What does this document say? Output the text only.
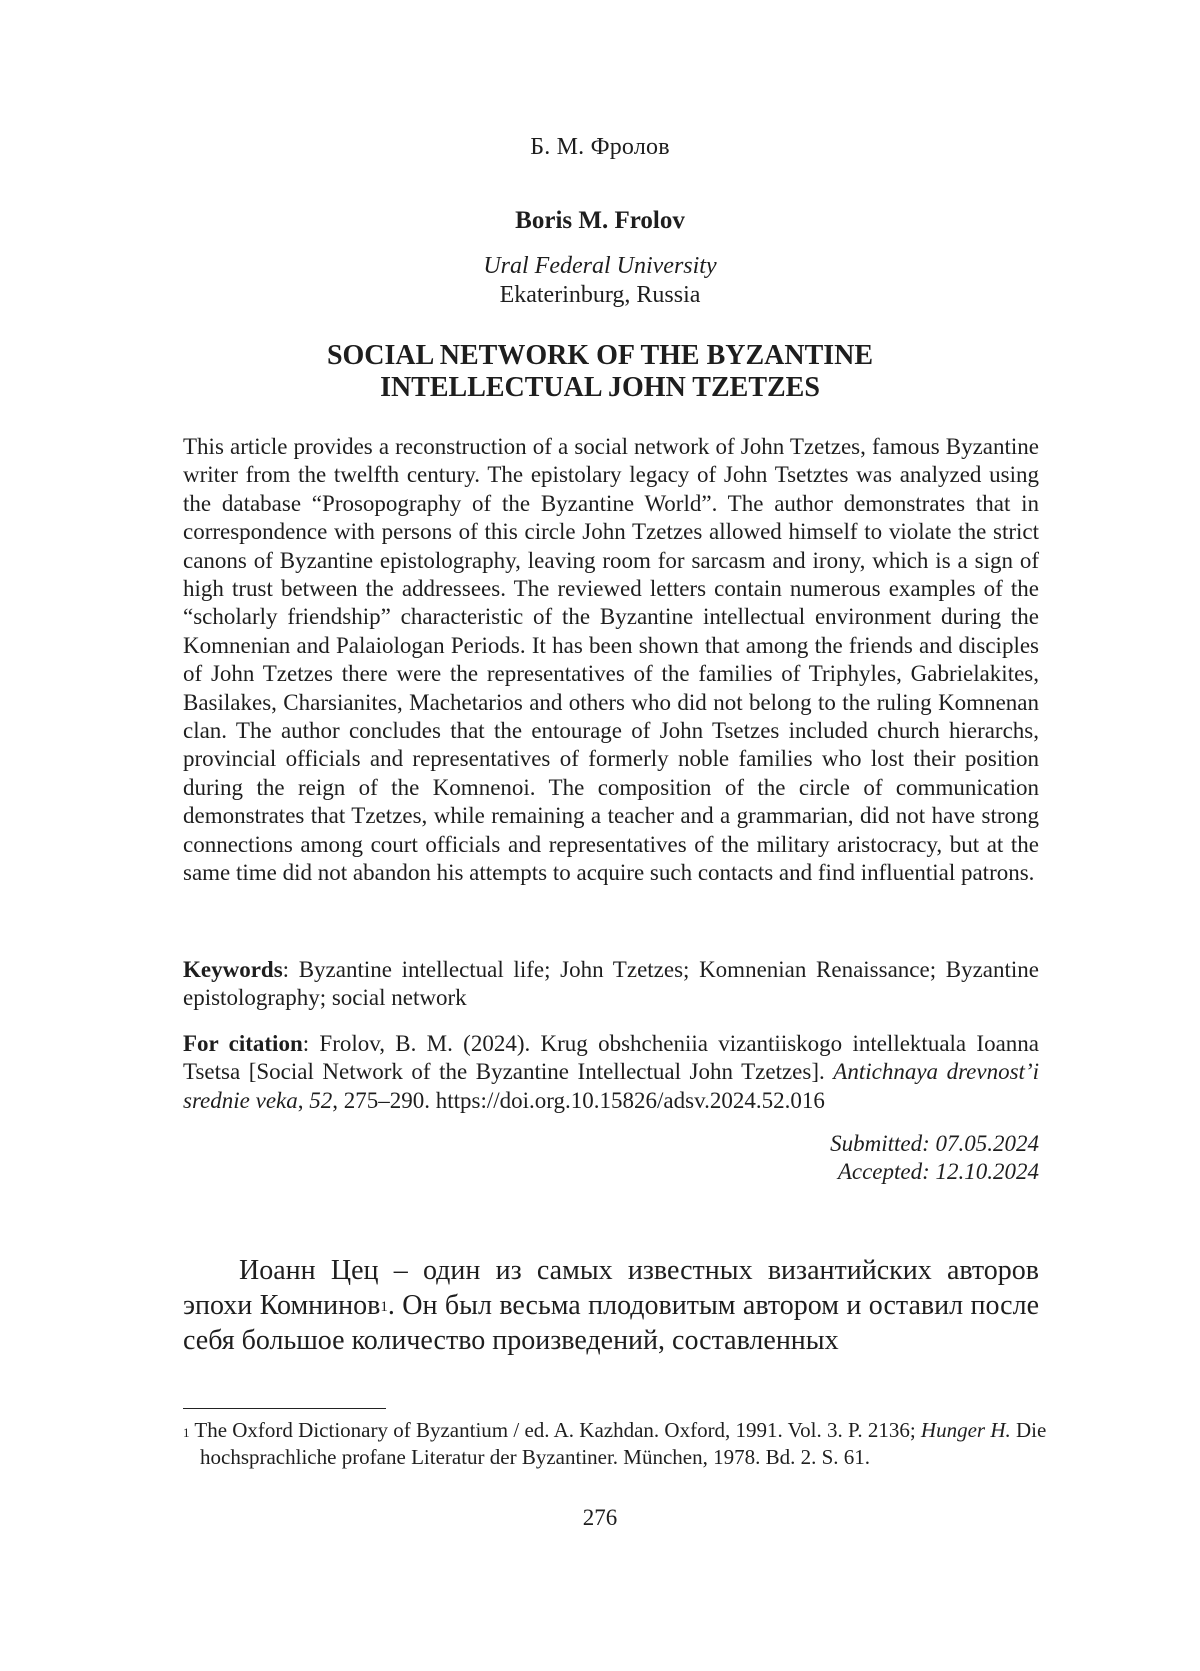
Б. М. Фролов
Boris M. Frolov
Ural Federal University
Ekaterinburg, Russia
SOCIAL NETWORK OF THE BYZANTINE
INTELLECTUAL JOHN TZETZES
This article provides a reconstruction of a social network of John Tzetzes, famous Byzantine writer from the twelfth century. The epistolary legacy of John Tsetztes was analyzed using the database “Prosopography of the Byzantine World”. The author demonstrates that in correspondence with persons of this circle John Tzetzes allowed himself to violate the strict canons of Byzantine epistolography, leaving room for sarcasm and irony, which is a sign of high trust between the addressees. The reviewed letters contain numerous examples of the “scholarly friendship” characteristic of the Byzantine intellectual environment during the Komnenian and Palaiologan Periods. It has been shown that among the friends and disciples of John Tzetzes there were the representatives of the families of Triphyles, Gabrielakites, Basilakes, Charsianites, Machetarios and others who did not belong to the ruling Komnenan clan. The author concludes that the entourage of John Tsetzes included church hierarchs, provincial officials and representatives of formerly noble families who lost their position during the reign of the Komnenoi. The composition of the circle of communication demonstrates that Tzetzes, while remaining a teacher and a grammarian, did not have strong connections among court officials and representatives of the military aristocracy, but at the same time did not abandon his attempts to acquire such contacts and find influential patrons.
Keywords: Byzantine intellectual life; John Tzetzes; Komnenian Renaissance; Byzantine epistolography; social network
For citation: Frolov, B. M. (2024). Krug obshcheniia vizantiiskogo intellektuala Ioanna Tsetsa [Social Network of the Byzantine Intellectual John Tzetzes]. Antichnaya drevnost’i srednie veka, 52, 275–290. https://doi.org.10.15826/adsv.2024.52.016
Submitted: 07.05.2024
Accepted: 12.10.2024
Иоанн Цец – один из самых известных византийских авторов эпохи Комнинов$^1$. Он был весьма плодовитым автором и оставил после себя большое количество произведений, составленных
$^1$ The Oxford Dictionary of Byzantium / ed. A. Kazhdan. Oxford, 1991. Vol. 3. P. 2136; Hunger H. Die hochsprachliche profane Literatur der Byzantiner. München, 1978. Bd. 2. S. 61.
276
